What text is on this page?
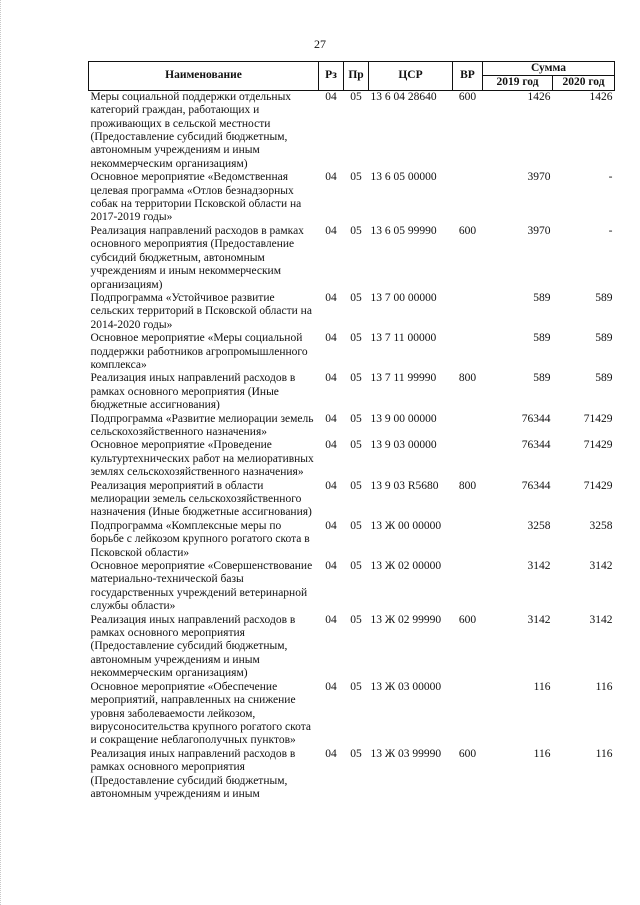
27
Наименование	Рз	Пр	ЦСР	ВР	Сумма	
					2019 год	2020 год
Меры социальной поддержки отдельных категорий граждан, работающих и проживающих в сельской местности (Предоставление субсидий бюджетным, автономным учреждениям и иным некоммерческим организациям)	04	05	13 6 04 28640	600	1426	1426
Основное мероприятие «Ведомственная целевая программа «Отлов безнадзорных собак на территории Псковской области на 2017-2019 годы»	04	05	13 6 05 00000		3970	-
Реализация направлений расходов в рамках основного мероприятия (Предоставление субсидий бюджетным, автономным учреждениям и иным некоммерческим организациям)	04	05	13 6 05 99990	600	3970	-
Подпрограмма «Устойчивое развитие сельских территорий в Псковской области на 2014-2020 годы»	04	05	13 7 00 00000		589	589
Основное мероприятие «Меры социальной поддержки работников агропромышленного комплекса»	04	05	13 7 11 00000		589	589
Реализация иных направлений расходов в рамках основного мероприятия (Иные бюджетные ассигнования)	04	05	13 7 11 99990	800	589	589
Подпрограмма «Развитие мелиорации земель сельскохозяйственного назначения»	04	05	13 9 00 00000		76344	71429
Основное мероприятие «Проведение культуртехнических работ на мелиоративных землях сельскохозяйственного назначения»	04	05	13 9 03 00000		76344	71429
Реализация мероприятий в области мелиорации земель сельскохозяйственного назначения (Иные бюджетные ассигнования)	04	05	13 9 03 R5680	800	76344	71429
Подпрограмма «Комплексные меры по борьбе с лейкозом крупного рогатого скота в Псковской области»	04	05	13 Ж 00 00000		3258	3258
Основное мероприятие «Совершенствование материально-технической базы государственных учреждений ветеринарной службы области»	04	05	13 Ж 02 00000		3142	3142
Реализация иных направлений расходов в рамках основного мероприятия (Предоставление субсидий бюджетным, автономным учреждениям и иным некоммерческим организациям)	04	05	13 Ж 02 99990	600	3142	3142
Основное мероприятие «Обеспечение мероприятий, направленных на снижение уровня заболеваемости лейкозом, вирусоносительства крупного рогатого скота и сокращение неблагополучных пунктов»	04	05	13 Ж 03 00000		116	116
Реализация иных направлений расходов в рамках основного мероприятия (Предоставление субсидий бюджетным, автономным учреждениям и иным	04	05	13 Ж 03 99990	600	116	116
